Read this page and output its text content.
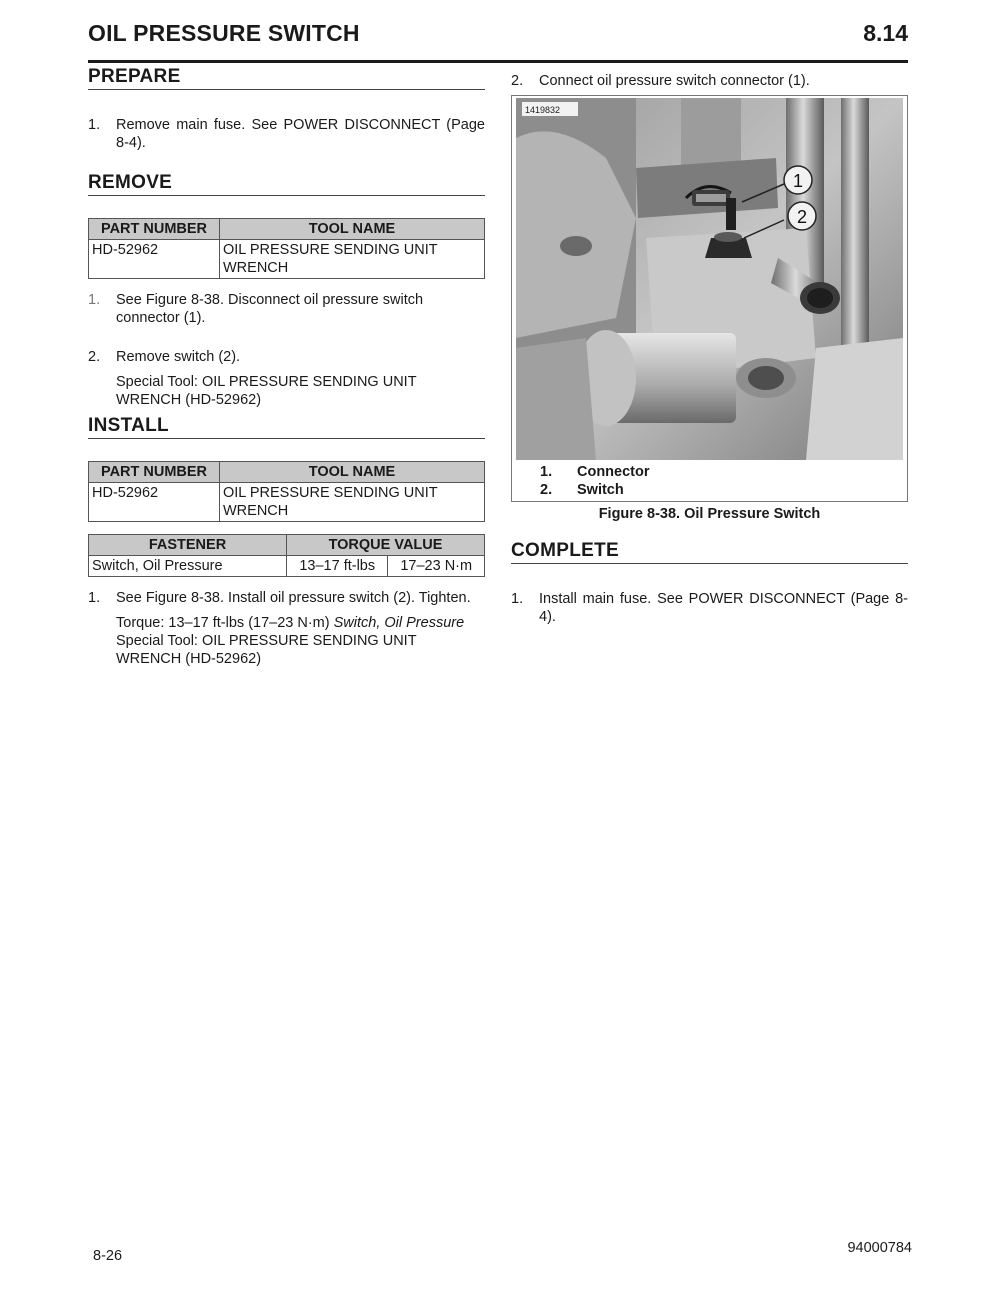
OIL PRESSURE SWITCH	8.14
PREPARE
1.	Remove main fuse. See POWER DISCONNECT (Page 8-4).
REMOVE
PART NUMBER	TOOL NAME
HD-52962	OIL PRESSURE SENDING UNIT WRENCH
1.	See Figure 8-38. Disconnect oil pressure switch connector (1).
2.	Remove switch (2).
Special Tool: OIL PRESSURE SENDING UNIT WRENCH (HD-52962)
INSTALL
PART NUMBER	TOOL NAME
HD-52962	OIL PRESSURE SENDING UNIT WRENCH
FASTENER	TORQUE VALUE	
Switch, Oil Pressure	13–17 ft-lbs	17–23 N·m
1.	See Figure 8-38. Install oil pressure switch (2). Tighten.
Torque: 13–17 ft-lbs (17–23 N·m) Switch, Oil Pressure
Special Tool: OIL PRESSURE SENDING UNIT WRENCH (HD-52962)
2.	Connect oil pressure switch connector (1).
1419832
1
2
1.	Connector
2.	Switch
Figure 8-38. Oil Pressure Switch
COMPLETE
1.	Install main fuse. See POWER DISCONNECT (Page 8-4).
8-26	94000784
